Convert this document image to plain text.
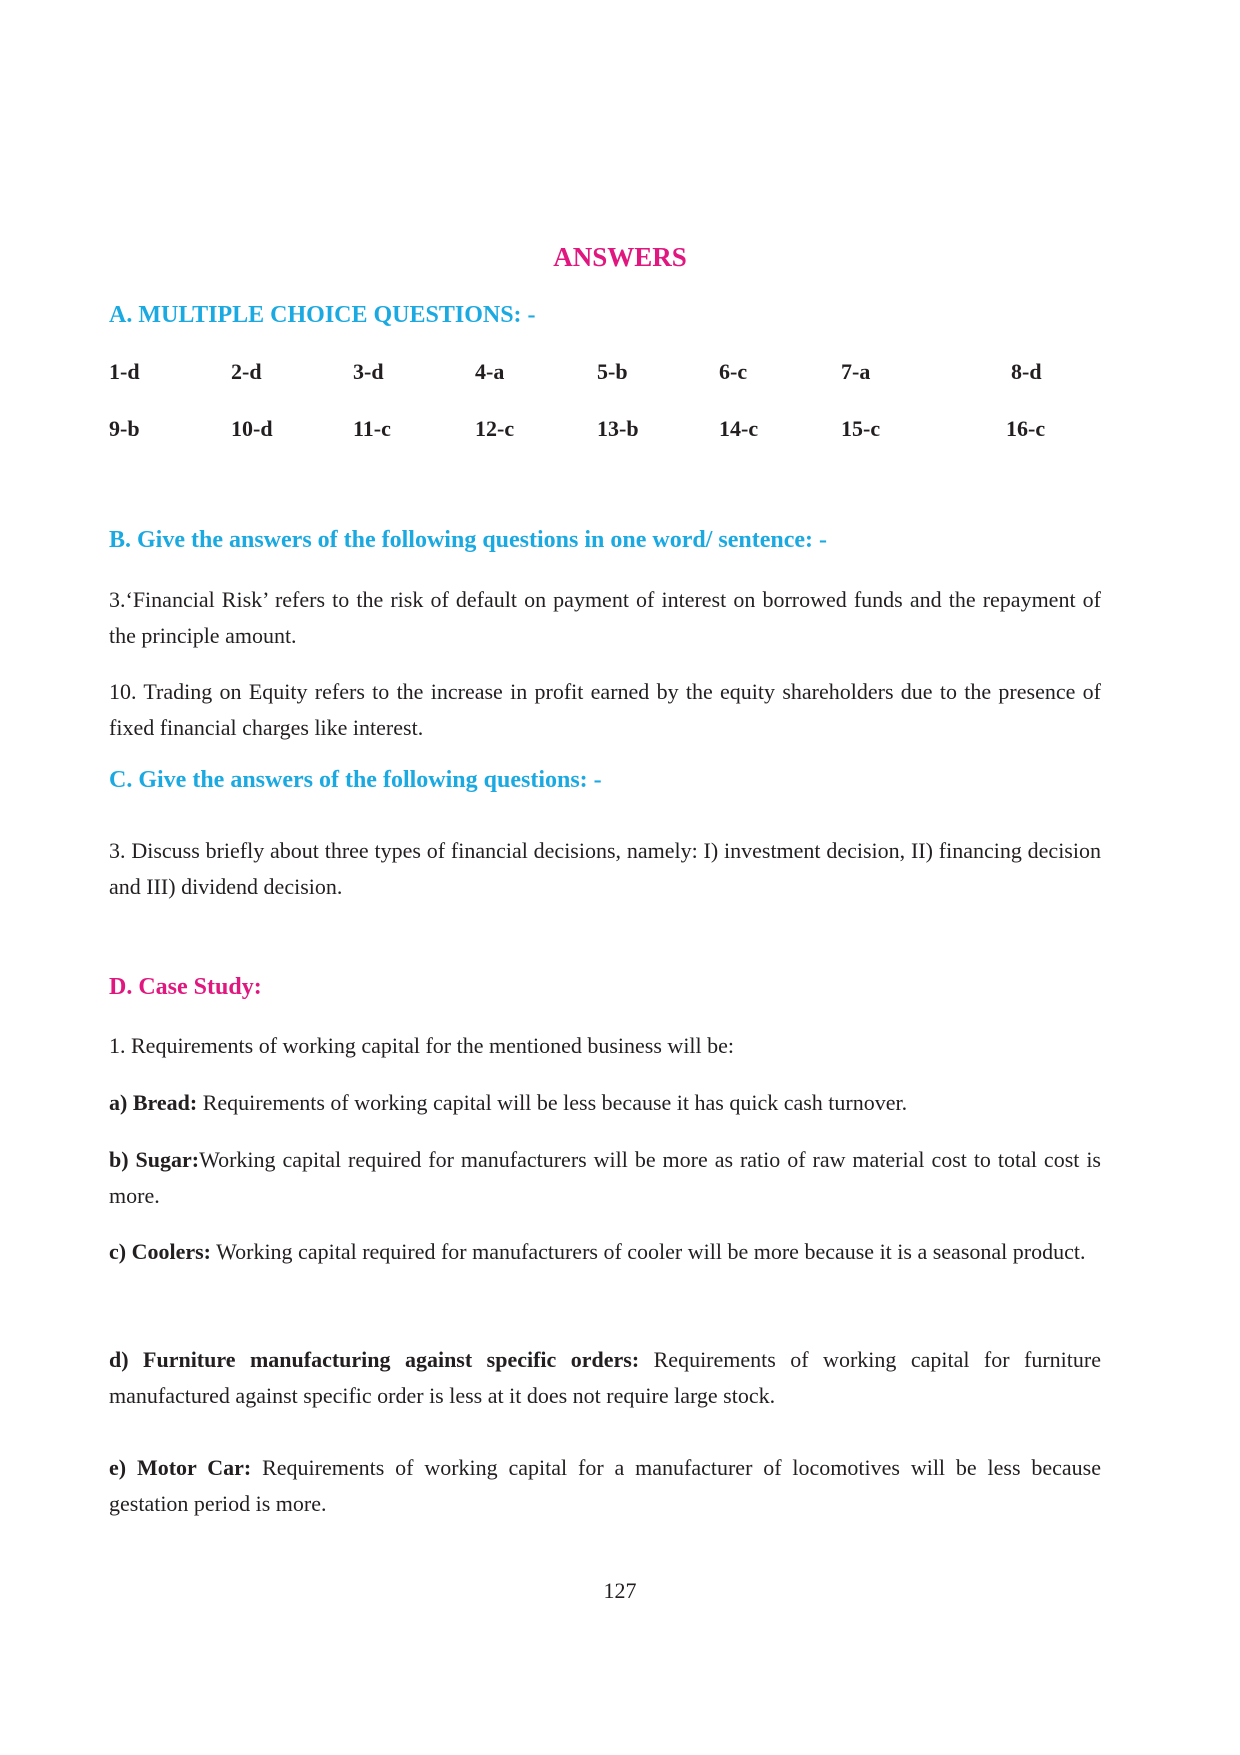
ANSWERS
A. MULTIPLE CHOICE QUESTIONS: -
1-d	2-d	3-d	4-a	5-b	6-c	7-a	8-d
9-b	10-d	11-c	12-c	13-b	14-c	15-c	16-c
B. Give the answers of the following questions in one word/ sentence: -

3.‘Financial Risk’ refers to the risk of default on payment of interest on borrowed funds and the repayment of the principle amount.

10. Trading on Equity refers to the increase in profit earned by the equity shareholders due to the presence of fixed financial charges like interest.

C. Give the answers of the following questions: -

3. Discuss briefly about three types of financial decisions, namely: I) investment decision, II) financing decision and III) dividend decision.

D. Case Study:

1. Requirements of working capital for the mentioned business will be:

a) Bread: Requirements of working capital will be less because it has quick cash turnover.

b) Sugar:Working capital required for manufacturers will be more as ratio of raw material cost to total cost is more.

c) Coolers: Working capital required for manufacturers of cooler will be more because it is a seasonal product.

d) Furniture manufacturing against specific orders: Requirements of working capital for furniture manufactured against specific order is less at it does not require large stock.

e) Motor Car: Requirements of working capital for a manufacturer of locomotives will be less because gestation period is more.

127
